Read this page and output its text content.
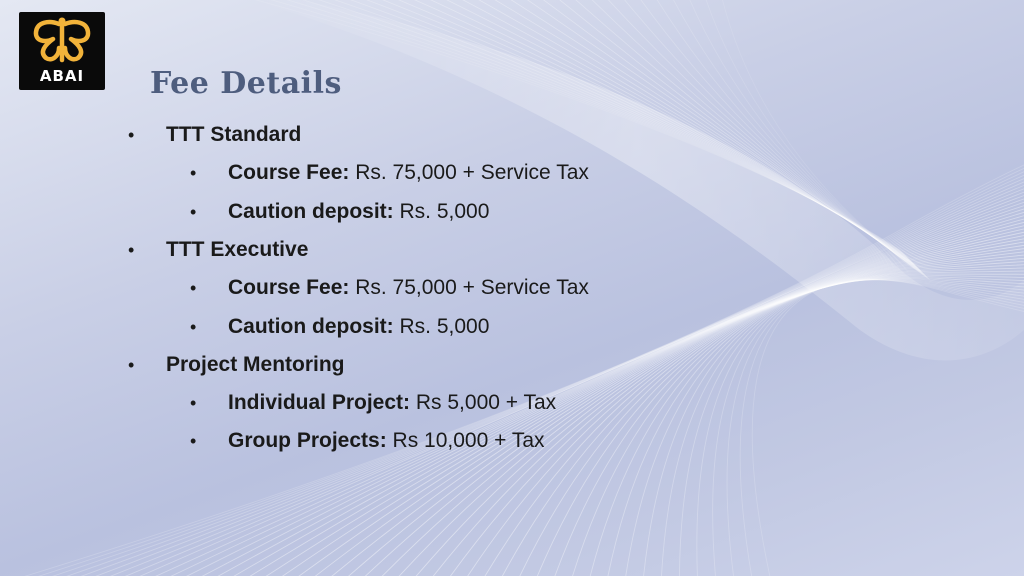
ABAI	Fee Details
• TTT Standard
• Course Fee: Rs. 75,000 + Service Tax
• Caution deposit: Rs. 5,000
• TTT Executive
• Course Fee: Rs. 75,000 + Service Tax
• Caution deposit: Rs. 5,000
• Project Mentoring
• Individual Project: Rs 5,000 + Tax
• Group Projects: Rs 10,000 + Tax
